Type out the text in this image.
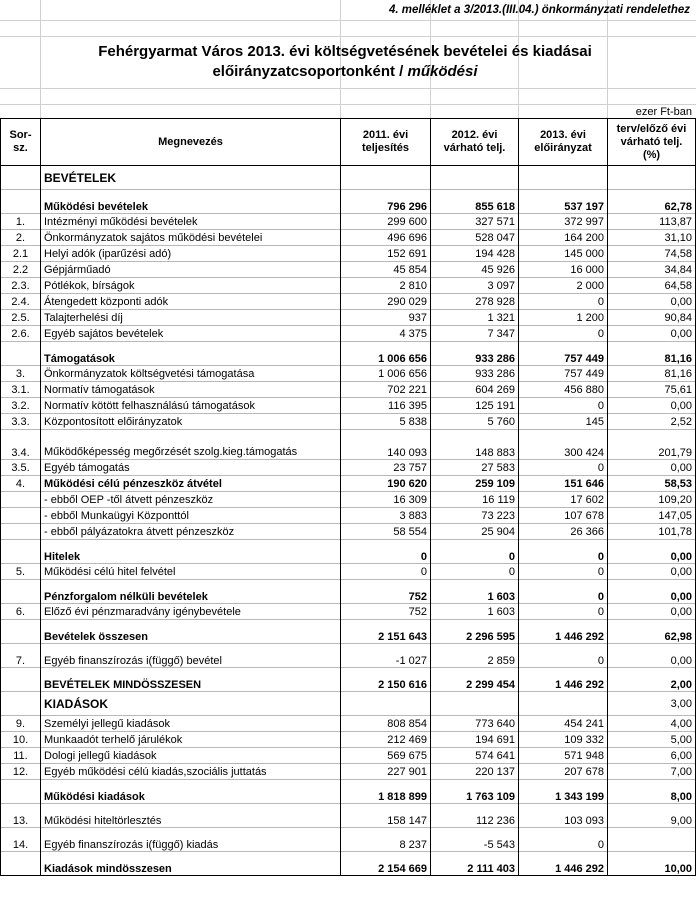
4. melléklet a 3/2013.(III.04.) önkormányzati rendelethez
Fehérgyarmat Város 2013. évi költségvetésének bevételei és kiadásai
előirányzatcsoportonként / működési
ezer Ft-ban
Sor-sz.	Megnevezés	2011. évi teljesítés	2012. évi várható telj.	2013. évi előirányzat	terv/előző évi várható telj. (%)

	BEVÉTELEK				
	Működési bevételek	796 296	855 618	537 197	62,78
1.	Intézményi működési bevételek	299 600	327 571	372 997	113,87
2.	Önkormányzatok sajátos működési bevételei	496 696	528 047	164 200	31,10
2.1	Helyi adók (iparűzési adó)	152 691	194 428	145 000	74,58
2.2	Gépjárműadó	45 854	45 926	16 000	34,84
2.3.	Pótlékok, bírságok	2 810	3 097	2 000	64,58
2.4.	Átengedett központi adók	290 029	278 928	0	0,00
2.5.	Talajterhelési díj	937	1 321	1 200	90,84
2.6.	Egyéb sajátos bevételek	4 375	7 347	0	0,00
	Támogatások	1 006 656	933 286	757 449	81,16
3.	Önkormányzatok költségvetési támogatása	1 006 656	933 286	757 449	81,16
3.1.	Normatív támogatások	702 221	604 269	456 880	75,61
3.2.	Normatív kötött felhasználású támogatások	116 395	125 191	0	0,00
3.3.	Központosított előirányzatok	5 838	5 760	145	2,52
3.4.	Működőképesség megőrzését szolg.kieg.támogatás	140 093	148 883	300 424	201,79
3.5.	Egyéb támogatás	23 757	27 583	0	0,00
4.	Működési célú pénzeszköz átvétel	190 620	259 109	151 646	58,53
	- ebből OEP -től átvett pénzeszköz	16 309	16 119	17 602	109,20
	- ebből Munkaügyi Központtól	3 883	73 223	107 678	147,05
	- ebből pályázatokra átvett pénzeszköz	58 554	25 904	26 366	101,78
	Hitelek	0	0	0	0,00
5.	Működési célú hitel felvétel	0	0	0	0,00
	Pénzforgalom nélküli bevételek	752	1 603	0	0,00
6.	Előző évi pénzmaradvány igénybevétele	752	1 603	0	0,00
	Bevételek összesen	2 151 643	2 296 595	1 446 292	62,98
7.	Egyéb finanszírozás i(függő) bevétel	-1 027	2 859	0	0,00
	BEVÉTELEK MINDÖSSZESEN	2 150 616	2 299 454	1 446 292	2,00
	KIADÁSOK				3,00
9.	Személyi jellegű kiadások	808 854	773 640	454 241	4,00
10.	Munkaadót terhelő járulékok	212 469	194 691	109 332	5,00
11.	Dologi jellegű kiadások	569 675	574 641	571 948	6,00
12.	Egyéb működési célú kiadás,szociális juttatás	227 901	220 137	207 678	7,00
	Működési kiadások	1 818 899	1 763 109	1 343 199	8,00
13.	Működési hiteltörlesztés	158 147	112 236	103 093	9,00
14.	Egyéb finanszírozás i(függő) kiadás	8 237	-5 543	0	
	Kiadások mindösszesen	2 154 669	2 111 403	1 446 292	10,00
